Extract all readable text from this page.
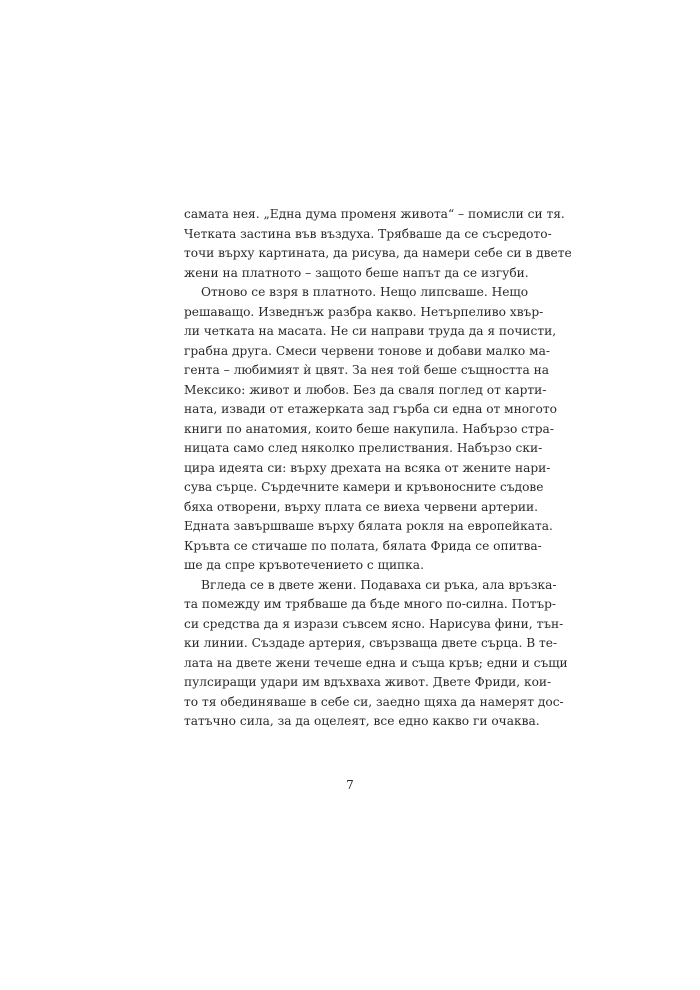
самата нея. „Една дума променя живота“ – помисли си тя.
Четката застина във въздуха. Трябваше да се съсредото-
точи върху картината, да рисува, да намери себе си в двете
жени на платното – защото беше напът да се изгуби.
Отново се взря в платното. Нещо липсваше. Нещо
решаващо. Изведнъж разбра какво. Нетърпеливо хвър-
ли четката на масата. Не си направи труда да я почисти,
грабна друга. Смеси червени тонове и добави малко ма-
гента – любимият ѝ цвят. За нея той беше същността на
Мексико: живот и любов. Без да сваля поглед от карти-
ната, извади от етажерката зад гърба си една от многото
книги по анатомия, които беше накупила. Набързо стра-
ницата само след няколко прелиствания. Набързо ски-
цира идеята си: върху дрехата на всяка от жените нари-
сува сърце. Сърдечните камери и кръвоносните съдове
бяха отворени, върху плата се виеха червени артерии.
Едната завършваше върху бялата рокля на европейката.
Кръвта се стичаше по полата, бялата Фрида се опитва-
ше да спре кръвотечението с щипка.
Вгледа се в двете жени. Подаваха си ръка, ала връзка-
та помежду им трябваше да бъде много по-силна. Потър-
си средства да я изрази съвсем ясно. Нарисува фини, тън-
ки линии. Създаде артерия, свързваща двете сърца. В те-
лата на двете жени течеше една и съща кръв; едни и същи
пулсиращи удари им вдъхваха живот. Двете Фриди, кои-
то тя обединяваше в себе си, заедно щяха да намерят дос-
татъчно сила, за да оцелеят, все едно какво ги очаква.
7
